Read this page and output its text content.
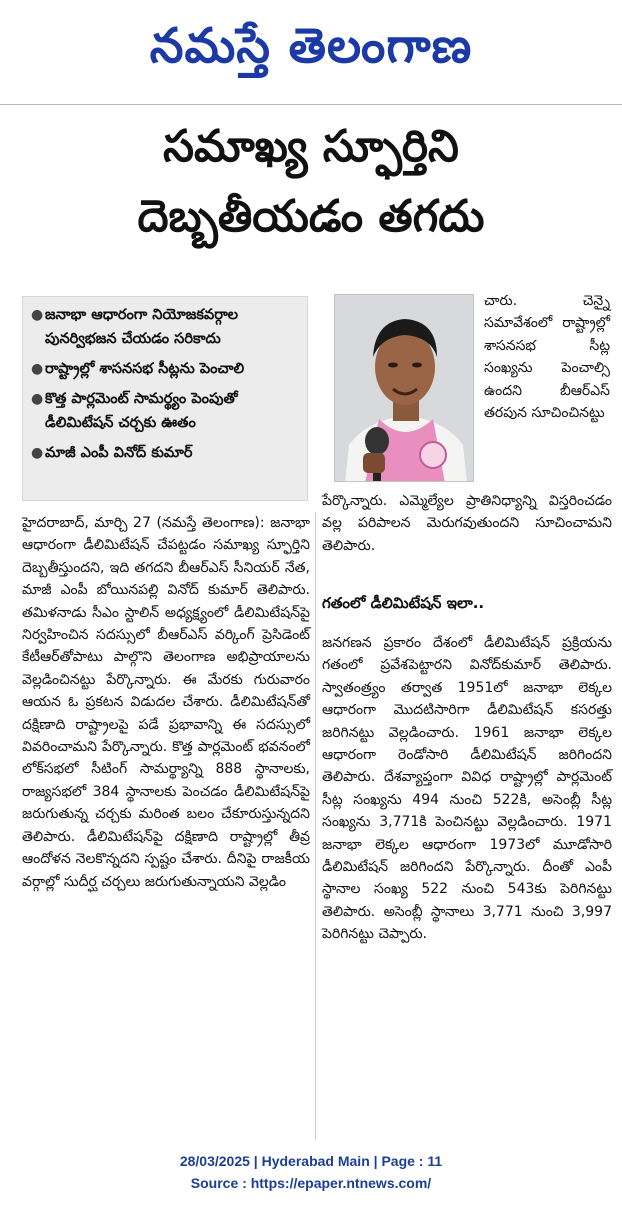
నమస్తే తెలంగాణ
సమాఖ్య స్ఫూర్తిని
దెబ్బతీయడం తగదు
● జనాభా ఆధారంగా నియోజకవర్గాల పునర్విభజన చేయడం సరికాదు
● రాష్ట్రాల్లో శాసనసభ సీట్లను పెంచాలి
● కొత్త పార్లమెంట్ సామర్థ్యం పెంపుతో డీలిమిటేషన్ చర్చకు ఊతం
● మాజీ ఎంపీ వినోద్ కుమార్

చారు. చెన్నై సమావేశంలో రాష్ట్రాల్లో శాసనసభ సీట్ల సంఖ్యను పెంచాల్సి ఉందని బీఆర్ఎస్ తరపున సూచించినట్టు

పేర్కొన్నారు. ఎమ్మెల్యేల ప్రాతినిధ్యాన్ని విస్తరించడం వల్ల పరిపాలన మెరుగవుతుందని సూచించామని తెలిపారు.

గతంలో డీలిమిటేషన్ ఇలా..

జనగణన ప్రకారం దేశంలో డీలిమిటేషన్ ప్రక్రియను గతంలో ప్రవేశపెట్టారని వినోద్‌కుమార్ తెలిపారు. స్వాతంత్ర్యం తర్వాత 1951లో జనాభా లెక్కల ఆధారంగా మొదటిసారిగా డీలిమిటేషన్ కసరత్తు జరిగినట్టు వెల్లడించారు. 1961 జనాభా లెక్కల ఆధారంగా రెండోసారి డీలిమిటేషన్ జరిగిందని తెలిపారు. దేశవ్యాప్తంగా వివిధ రాష్ట్రాల్లో పార్లమెంట్ సీట్ల సంఖ్యను 494 నుంచి 522కి, అసెంబ్లీ సీట్ల సంఖ్యను 3,771కి పెంచినట్టు వెల్లడించారు. 1971 జనాభా లెక్కల ఆధారంగా 1973లో మూడోసారి డీలిమిటేషన్ జరిగిందని పేర్కొన్నారు. దీంతో ఎంపీ స్థానాల సంఖ్య 522 నుంచి 543కు పెరిగినట్టు తెలిపారు. అసెంబ్లీ స్థానాలు 3,771 నుంచి 3,997 పెరిగినట్టు చెప్పారు.

హైదరాబాద్, మార్చి 27 (నమస్తే తెలంగాణ): జనాభా ఆధారంగా డీలిమిటేషన్ చేపట్టడం సమాఖ్య స్ఫూర్తిని దెబ్బతీస్తుందని, ఇది తగదని బీఆర్ఎస్ సీనియర్ నేత, మాజీ ఎంపీ బోయినపల్లి వినోద్ కుమార్ తెలిపారు. తమిళనాడు సీఎం స్టాలిన్ అధ్యక్ష్యంలో డీలిమిటేషన్‌పై నిర్వహించిన సదస్సులో బీఆర్ఎస్ వర్కింగ్ ప్రెసిడెంట్ కేటీఆర్‌తోపాటు పాల్గొని తెలంగాణ అభిప్రాయాలను వెల్లడించినట్టు పేర్కొన్నారు. ఈ మేరకు గురువారం ఆయన ఓ ప్రకటన విడుదల చేశారు. డీలిమిటేషన్‌తో దక్షిణాది రాష్ట్రాలపై పడే ప్రభావాన్ని ఈ సదస్సులో వివరించామని పేర్కొన్నారు. కొత్త పార్లమెంట్ భవనంలో లోక్‌సభలో సీటింగ్ సామర్థ్యాన్ని 888 స్థానాలకు, రాజ్యసభలో 384 స్థానాలకు పెంచడం డీలిమిటేషన్‌పై జరుగుతున్న చర్చకు మరింత బలం చేకూరుస్తున్నదని తెలిపారు. డీలిమిటేషన్‌పై దక్షిణాది రాష్ట్రాల్లో తీవ్ర ఆందోళన నెలకొన్నదని స్పష్టం చేశారు. దీనిపై రాజకీయ వర్గాల్లో సుదీర్ఘ చర్చలు జరుగుతున్నాయని వెల్లడిం

28/03/2025 | Hyderabad Main | Page : 11
Source : https://epaper.ntnews.com/
